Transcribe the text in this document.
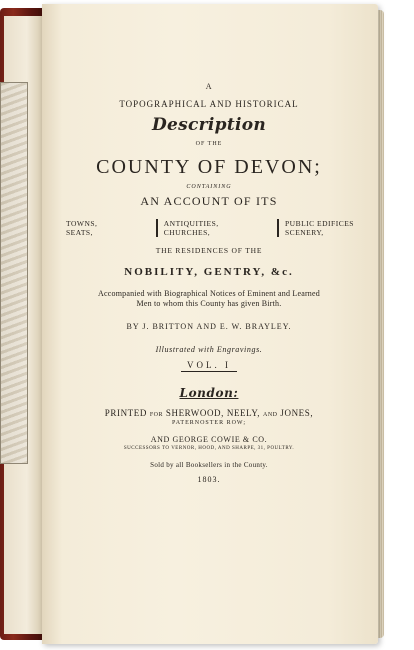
A
TOPOGRAPHICAL AND HISTORICAL
Description
OF THE
COUNTY OF DEVON;
CONTAINING
AN ACCOUNT OF ITS
TOWNS,
SEATS,
ANTIQUITIES,
CHURCHES,
PUBLIC EDIFICES
SCENERY,
THE RESIDENCES OF THE
NOBILITY, GENTRY, &c.
Accompanied with Biographical Notices of Eminent and Learned
Men to whom this County has given Birth.
BY J. BRITTON AND E. W. BRAYLEY.
Illustrated with Engravings.
VOL. I
London:
PRINTED FOR SHERWOOD, NEELY, AND JONES,
PATERNOSTER ROW;
AND GEORGE COWIE & CO.
SUCCESSORS TO VERNOR, HOOD, AND SHARPE, 31, POULTRY.
Sold by all Booksellers in the County.
1803.
